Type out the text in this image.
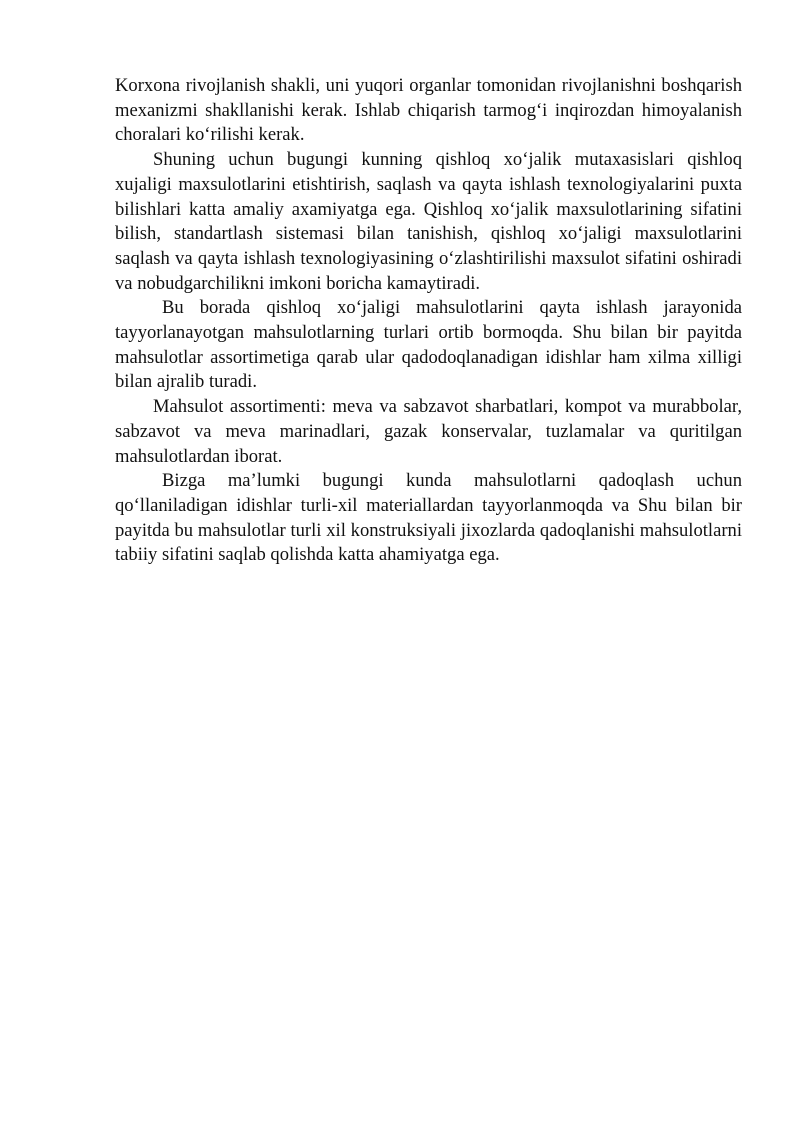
Korxona rivojlanish shakli, uni yuqori organlar tomonidan rivojlanishni boshqarish mexanizmi shakllanishi kerak. Ishlab chiqarish tarmog‘i inqirozdan himoyalanish choralari ko‘rilishi kerak.

Shuning uchun bugungi kunning qishloq xo‘jalik mutaxasislari qishloq xujaligi maxsulotlarini etishtirish, saqlash va qayta ishlash texnologiyalarini puxta bilishlari katta amaliy axamiyatga ega. Qishloq xo‘jalik maxsulotlarining sifatini bilish, standartlash sistemasi bilan tanishish, qishloq xo‘jaligi maxsulotlarini saqlash va qayta ishlash texnologiyasining o‘zlashtirilishi maxsulot sifatini oshiradi va nobudgarchilikni imkoni boricha kamaytiradi.

Bu borada qishloq xo‘jaligi mahsulotlarini qayta ishlash jarayonida tayyorlanayotgan mahsulotlarning turlari ortib bormoqda. Shu bilan bir payitda mahsulotlar assortimetiga qarab ular qadodoqlanadigan idishlar ham xilma xilligi bilan ajralib turadi.

Mahsulot assortimenti: meva va sabzavot sharbatlari, kompot va murabbolar, sabzavot va meva marinadlari, gazak konservalar, tuzlamalar va quritilgan mahsulotlardan iborat.

Bizga ma’lumki bugungi kunda mahsulotlarni qadoqlash uchun qo‘llaniladigan idishlar turli-xil materiallardan tayyorlanmoqda va Shu bilan bir payitda bu mahsulotlar turli xil konstruksiyali jixozlarda qadoqlanishi mahsulotlarni tabiiy sifatini saqlab qolishda katta ahamiyatga ega.
